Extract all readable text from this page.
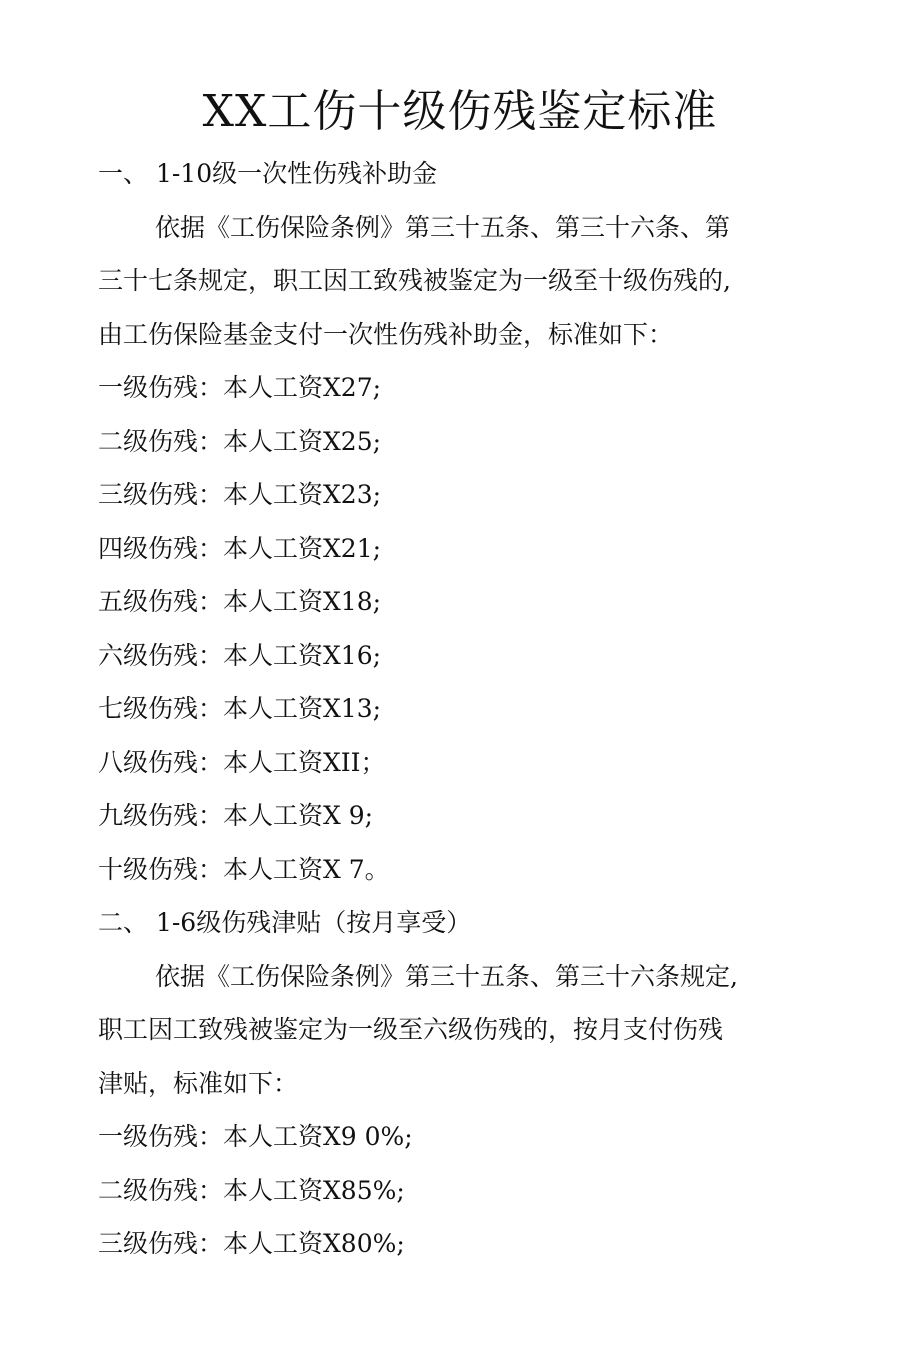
XX工伤十级伤残鉴定标准
一、 1-10级一次性伤残补助金
依据《工伤保险条例》第三十五条、第三十六条、第
三十七条规定，职工因工致残被鉴定为一级至十级伤残的,
由工伤保险基金支付一次性伤残补助金，标准如下：
一级伤残：本人工资X27;
二级伤残：本人工资X25;
三级伤残：本人工资X23;
四级伤残：本人工资X21;
五级伤残：本人工资X18;
六级伤残：本人工资X16;
七级伤残：本人工资X13;
八级伤残：本人工资XII；
九级伤残：本人工资X 9;
十级伤残：本人工资X 7。
二、 1-6级伤残津贴（按月享受）
依据《工伤保险条例》第三十五条、第三十六条规定,
职工因工致残被鉴定为一级至六级伤残的，按月支付伤残
津贴，标准如下：
一级伤残：本人工资X9 0%;
二级伤残：本人工资X85%;
三级伤残：本人工资X80%;
